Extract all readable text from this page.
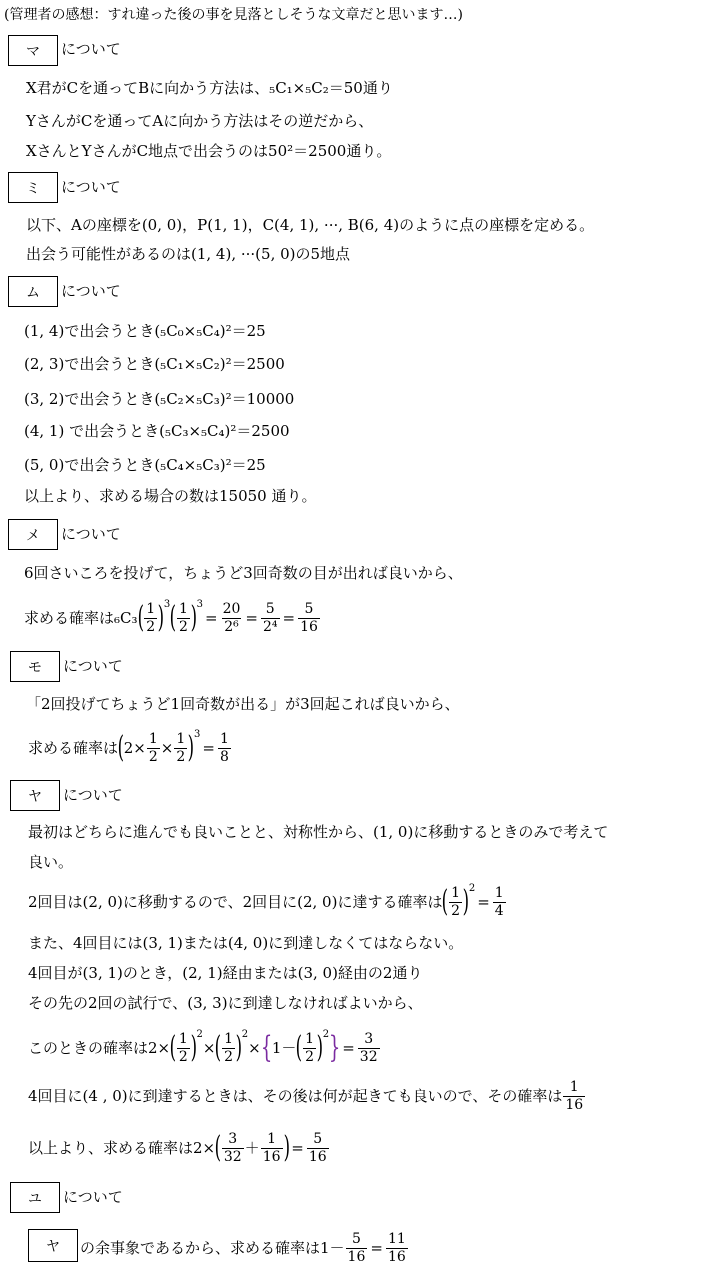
(管理者の感想：すれ違った後の事を見落としそうな文章だと思います…)
マ	について
X君がCを通ってBに向かう方法は、₅C₁×₅C₂＝50通り
YさんがCを通ってAに向かう方法はその逆だから、
XさんとYさんがC地点で出会うのは50²＝2500通り。
ミ	について
以下、Aの座標を(0, 0)，P(1, 1)，C(4, 1), ···, B(6, 4)のように点の座標を定める。
出会う可能性があるのは(1, 4), ···(5, 0)の5地点
ム	について
(1, 4)で出会うとき(₅C₀×₅C₄)²＝25
(2, 3)で出会うとき(₅C₁×₅C₂)²＝2500
(3, 2)で出会うとき(₅C₂×₅C₃)²＝10000
(4, 1) で出会うとき(₅C₃×₅C₄)²＝2500
(5, 0)で出会うとき(₅C₄×₅C₃)²＝25
以上より、求める場合の数は15050 通り。
メ	について
6回さいころを投げて，ちょうど3回奇数の目が出れば良いから、
求める確率は ₆C₃ ( $\frac{1}{2}$ ) 3 ( $\frac{1}{2}$ ) 3
= $\frac{20}{\text{2⁶}} = \frac{5}{\text{2⁴}} = \frac{5}{16}$
モ	について
「2回投げてちょうど1回奇数が出る」が3回起これば良いから、
求める確率は ( $2\times \frac{1}{2} \times \frac{1}{2}$ ) 3
= $\frac{1}{8}$
ヤ	について
最初はどちらに進んでも良いことと、対称性から、(1, 0)に移動するときのみで考えて
良い。
2回目は(2, 0)に移動するので、2回目に(2, 0)に達する確率は ( $\frac{1}{2}$ ) 2
= $\frac{1}{4}$
また、4回目には(3, 1)または(4, 0)に到達しなくてはならない。
4回目が(3, 1)のとき，(2, 1)経由または(3, 0)経由の2通り
その先の2回の試行で、(3, 3)に到達しなければよいから、
このときの確率は2× ( $\frac{1}{2}$ ) 2
× ( $\frac{1}{2}$ ) 2
× { 1－ ( $\frac{1}{2}$ ) 2 } = $\frac{3}{32}$
4回目に(4 , 0)に到達するときは、その後は何が起きても良いので、その確率は $\frac{1}{16}$
以上より、求める確率は2× ( $\frac{3}{32} + \frac{1}{16}$ ) = $\frac{5}{16}$
ユ	について
ヤ	の余事象であるから、求める確率は$1- \frac{5}{16} = \frac{11}{16}$
